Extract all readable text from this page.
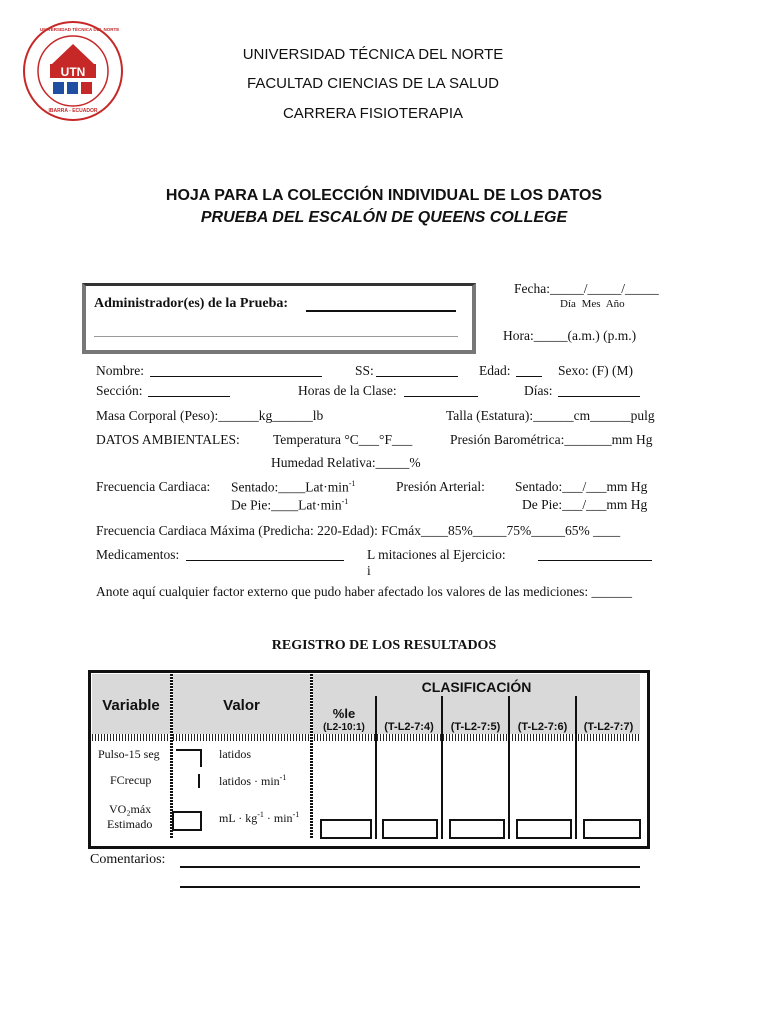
UTN
UNIVERSIDAD TÉCNICA DEL NORTE
IBARRA - ECUADOR
UNIVERSIDAD TÉCNICA DEL NORTE
FACULTAD CIENCIAS DE LA SALUD
CARRERA FISIOTERAPIA
HOJA PARA LA COLECCIÓN INDIVIDUAL DE LOS DATOS
PRUEBA DEL ESCALÓN DE QUEENS COLLEGE
Administrador(es) de la Prueba:
Fecha:_____/_____/_____
Día Mes Año
Hora:_____(a.m.) (p.m.)
Nombre:	SS:	Edad:	Sexo: (F) (M)
Sección:	Horas de la Clase:	Días:
Masa Corporal (Peso):______kg______lb	Talla (Estatura):______cm______pulg
DATOS AMBIENTALES: Temperatura °C___°F___	Presión Barométrica:_______mm Hg
Humedad Relativa:_____%
Frecuencia Cardiaca: $Sentado:\_\_\_\_Lat\cdot\min^{-1}$
De $Pie:\_\_\_\_Lat\cdot\min^{-1}$
Presión Arterial: Sentado:___/___mm Hg
De Pie:___/___mm Hg
Frecuencia Cardiaca Máxima (Predicha: 220-Edad): FCmáx____85%_____75%_____65% ____
Medicamentos:	L mitaciones al Ejercicio:
i
Anote aquí cualquier factor externo que pudo haber afectado los valores de las mediciones: ______
REGISTRO DE LOS RESULTADOS
Variable	Valor
CLASIFICACIÓN
%le
(L2-10:1)	(T-L2-7:4)	(T-L2-7:5)	(T-L2-7:6)	(T-L2-7:7)
Pulso-15 seg	latidos
FCrecup	latidos · $\min^{-1}$
VO₂máx
Estimado	mL · $kg^{-1} \cdot \min^{-1}$
Comentarios:
